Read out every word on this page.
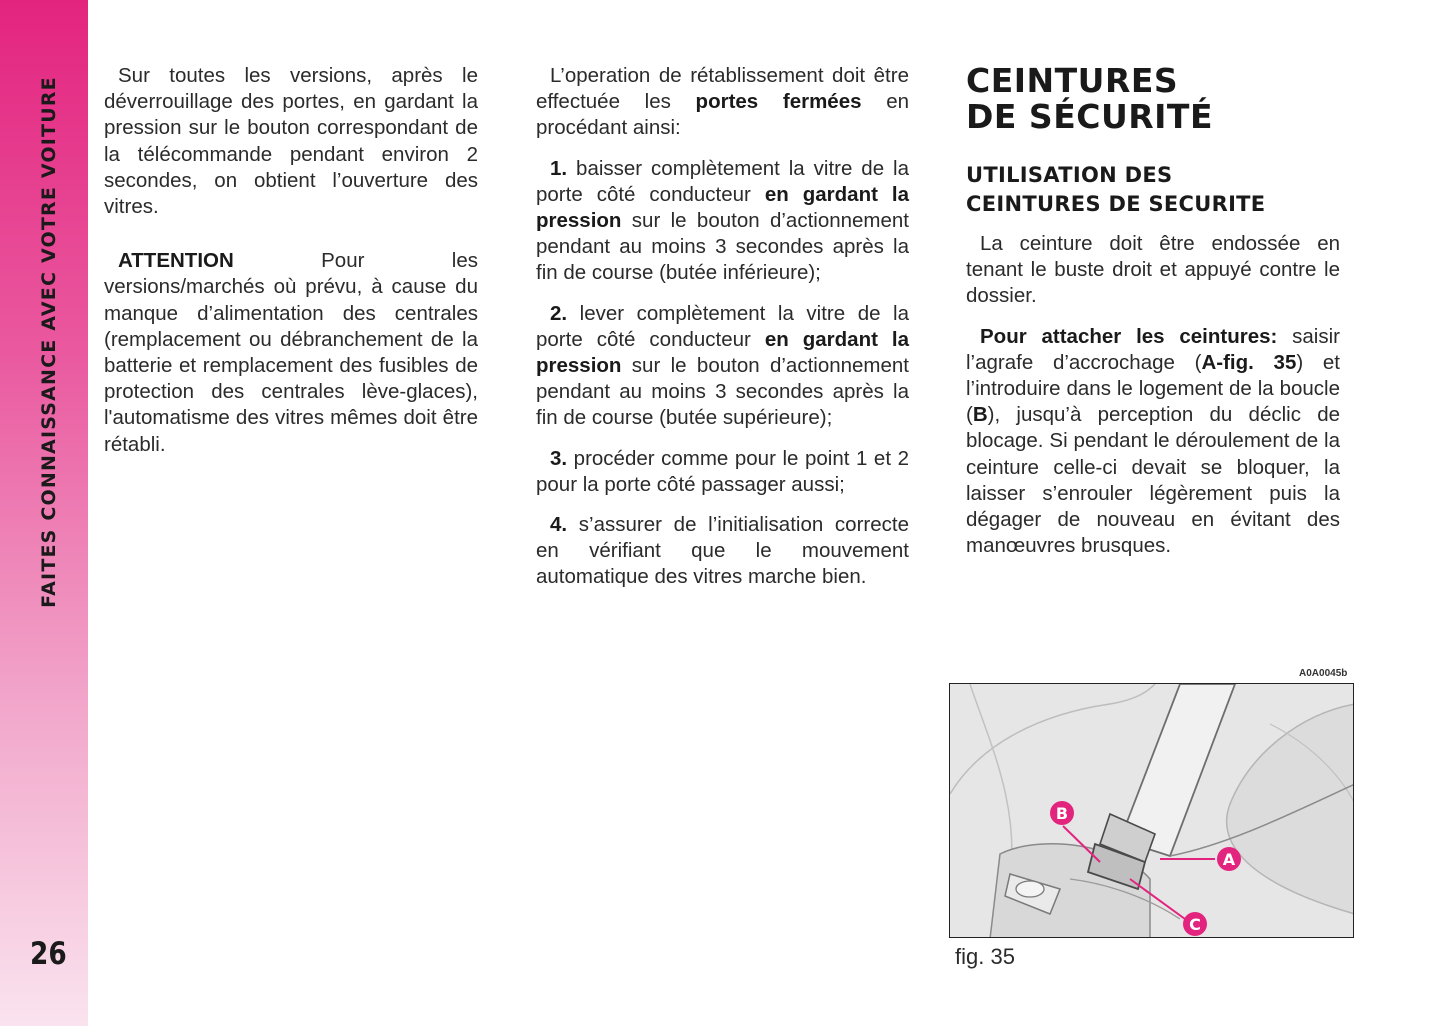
FAITES CONNAISSANCE AVEC VOTRE VOITURE
26

Sur toutes les versions, après le déverrouillage des portes, en gardant la pression sur le bouton correspondant de la télécommande pendant environ 2 secondes, on obtient l’ouverture des vitres.

ATTENTION Pour les versions/marchés où prévu, à cause du manque d’alimentation des centrales (remplacement ou débranchement de la batterie et remplacement des fusibles de protection des centrales lève-glaces), l'automatisme des vitres mêmes doit être rétabli.

L’operation de rétablissement doit être effectuée les portes fermées en procédant ainsi:

1. baisser complètement la vitre de la porte côté conducteur en gardant la pression sur le bouton d’actionnement pendant au moins 3 secondes après la fin de course (butée inférieure);

2. lever complètement la vitre de la porte côté conducteur en gardant la pression sur le bouton d’actionnement pendant au moins 3 secondes après la fin de course (butée supérieure);

3. procéder comme pour le point 1 et 2 pour la porte côté passager aussi;

4. s’assurer de l’initialisation correcte en vérifiant que le mouvement automatique des vitres marche bien.

CEINTURES
DE SÉCURITÉ
UTILISATION DES
CEINTURES DE SECURITE

La ceinture doit être endossée en tenant le buste droit et appuyé contre le dossier.

Pour attacher les ceintures: saisir l’agrafe d’accrochage (A-fig. 35) et l’introduire dans le logement de la boucle (B), jusqu’à perception du déclic de blocage. Si pendant le déroulement de la ceinture celle-ci devait se bloquer, la laisser s’enrouler légèrement puis la dégager de nouveau en évitant des manœuvres brusques.

A0A0045b
A
B
C
fig. 35
